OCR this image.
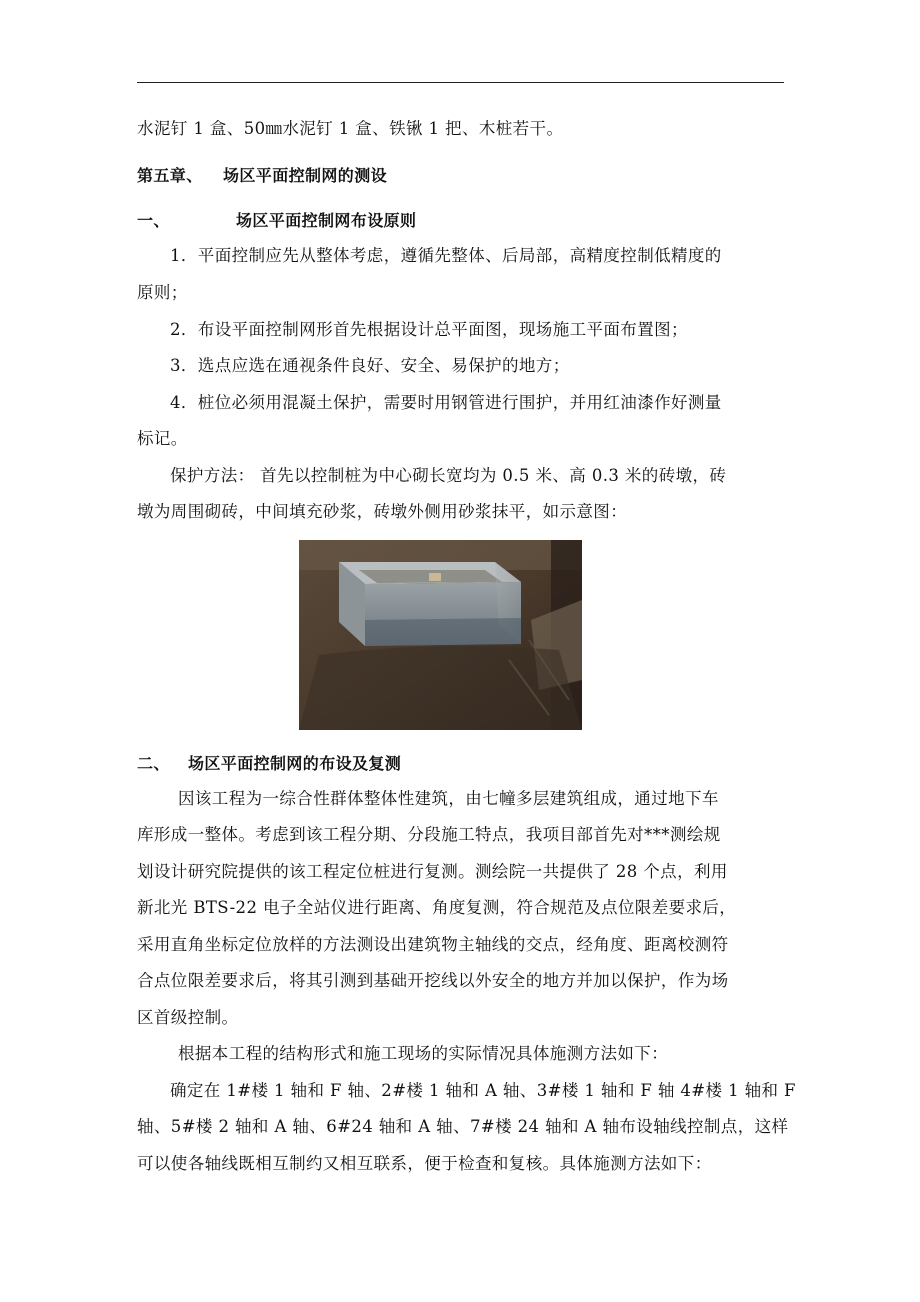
水泥钉 1 盒、50㎜水泥钉 1 盒、铁锹 1 把、木桩若干。
第五章、 场区平面控制网的测设
一、	场区平面控制网布设原则
1．平面控制应先从整体考虑，遵循先整体、后局部，高精度控制低精度的
原则；
2．布设平面控制网形首先根据设计总平面图，现场施工平面布置图；
3．选点应选在通视条件良好、安全、易保护的地方；
4．桩位必须用混凝土保护，需要时用钢管进行围护，并用红油漆作好测量
标记。
保护方法： 首先以控制桩为中心砌长宽均为 0.5 米、高 0.3 米的砖墩，砖
墩为周围砌砖，中间填充砂浆，砖墩外侧用砂浆抹平，如示意图：
二、 场区平面控制网的布设及复测
因该工程为一综合性群体整体性建筑，由七幢多层建筑组成，通过地下车
库形成一整体。考虑到该工程分期、分段施工特点，我项目部首先对***测绘规
划设计研究院提供的该工程定位桩进行复测。测绘院一共提供了 28 个点，利用
新北光 BTS-22 电子全站仪进行距离、角度复测，符合规范及点位限差要求后，
采用直角坐标定位放样的方法测设出建筑物主轴线的交点，经角度、距离校测符
合点位限差要求后，将其引测到基础开挖线以外安全的地方并加以保护，作为场
区首级控制。
根据本工程的结构形式和施工现场的实际情况具体施测方法如下：
确定在 1#楼 1 轴和 F 轴、2#楼 1 轴和 A 轴、3#楼 1 轴和 F 轴 4#楼 1 轴和 F
轴、5#楼 2 轴和 A 轴、6#24 轴和 A 轴、7#楼 24 轴和 A 轴布设轴线控制点，这样
可以使各轴线既相互制约又相互联系，便于检查和复核。具体施测方法如下：
